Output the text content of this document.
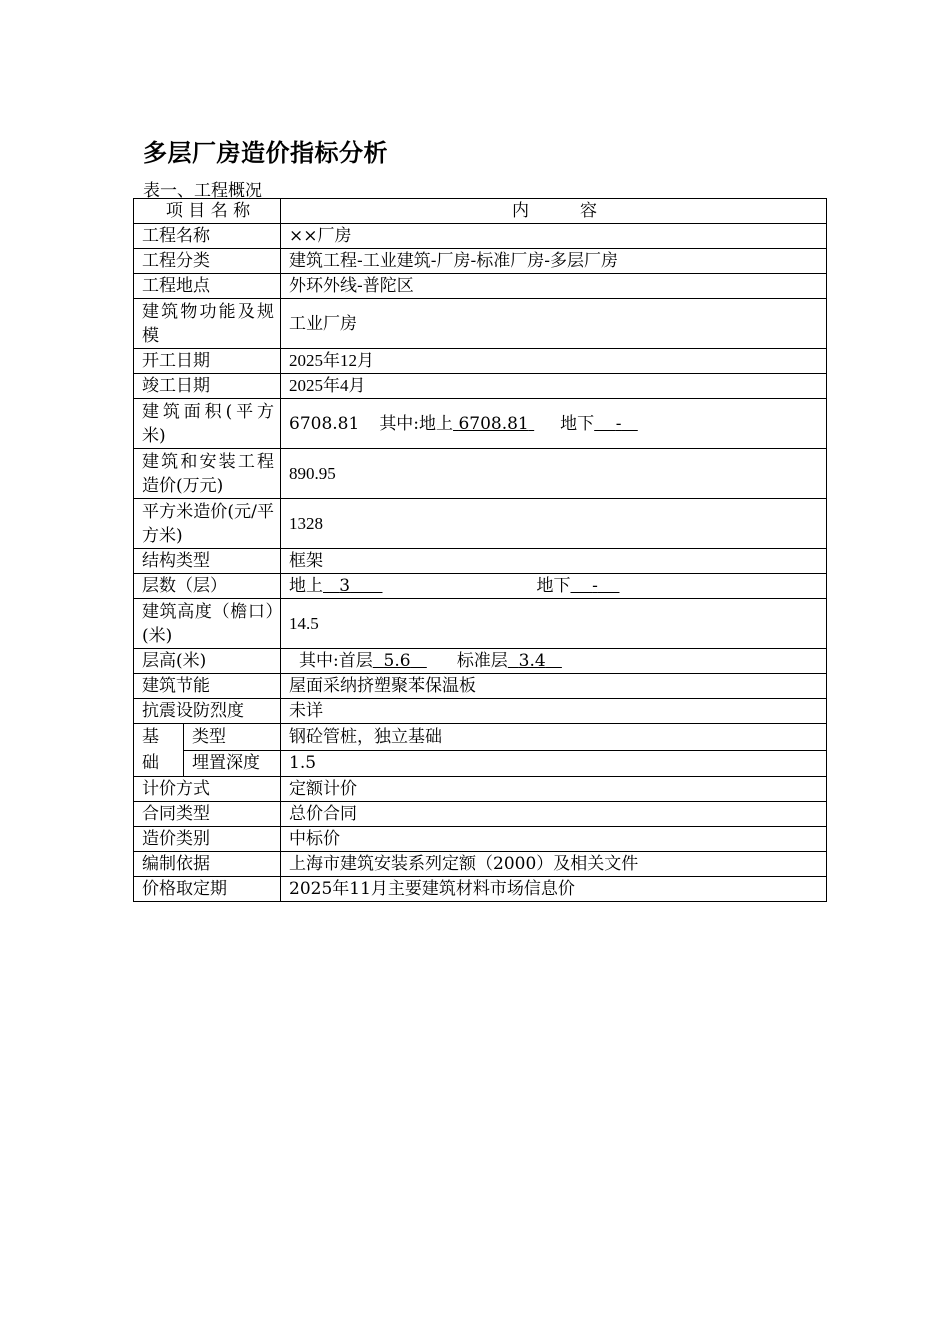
多层厂房造价指标分析
表一、工程概况
项 目 名 称		内　　　容
工程名称		××厂房
工程分类		建筑工程-工业建筑-厂房-标准厂房-多层厂房
工程地点		外环外线-普陀区
建筑物功能及规模		工业厂房
开工日期		2025年12月
竣工日期		2025年4月
建筑面积(平方米)		6708.81 其中:地上 6708.81 地下 -
建筑和安装工程造价(万元)		890.95
平方米造价(元/平方米)		1328
结构类型		框架
层数（层）		地上 3 地下 -
建筑高度（檐口）(米)		14.5
层高(米)		其中:首层 5.6 标准层 3.4
建筑节能		屋面采纳挤塑聚苯保温板
抗震设防烈度		未详
基础	类型	钢砼管桩，独立基础
	埋置深度	1.5
计价方式		定额计价
合同类型		总价合同
造价类别		中标价
编制依据		上海市建筑安装系列定额（2000）及相关文件
价格取定期		2025年11月主要建筑材料市场信息价
